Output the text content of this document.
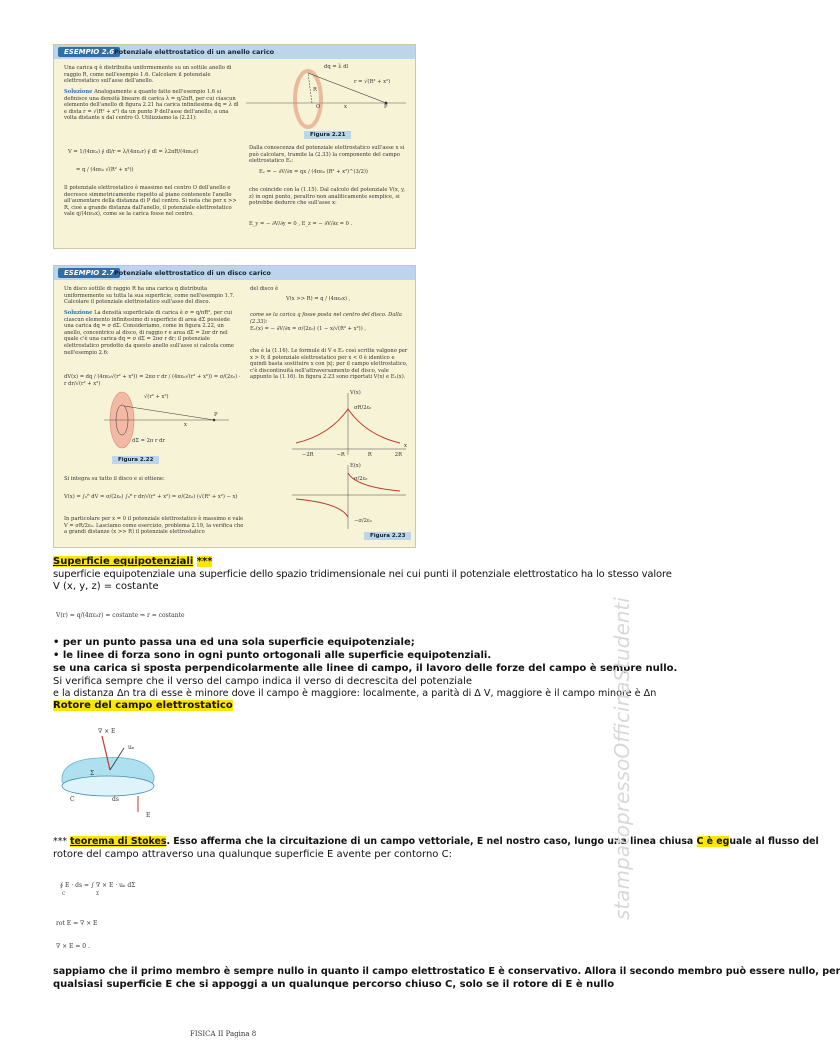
ESEMPIO 2.6 Potenziale elettrostatico di un anello carico
Una carica q è distribuita uniformemente su un sottile anello di raggio R, come nell'esempio 1.6. Calcolare il potenziale elettrostatico sull'asse dell'anello.
Soluzione Analogamente a quanto fatto nell'esempio 1.6 si definisce una densità lineare di carica λ = q/2πR, per cui ciascun elemento dell'anello di figura 2.21 ha carica infinitesima dq = λ dl e dista r = √(R² + x²) da un punto P dell'asse dell'anello, a una volta distante x dal centro O. Utilizziamo la (2.21):
V = 1/(4πε₀) ∮ dl/r = λ/(4πε₀r) ∮ dl = λ2πR/(4πε₀r)
= q / (4πε₀ √(R² + x²))
Il potenziale elettrostatico è massimo nel centro O dell'anello e decresce simmetricamente rispetto al piano contenente l'anello all'aumentare della distanza di P dal centro. Si nota che per x >> R, cioè a grande distanza dall'anello, il potenziale elettrostatico vale q/(4πε₀x), come se la carica fosse nel centro.
dq = λ dl
r = √(R² + x²)
R
O	x	P
Figura 2.21
Dalla conoscenza del potenziale elettrostatico sull'asse x si può calcolare, tramite la (2.33) la componente del campo elettrostatico Eₓ:
Eₓ = − ∂V/∂x = qx / (4πε₀ (R² + x²)^(3/2))
che coincide con la (1.15). Dal calcolo del potenziale V(x, y, z) in ogni punto, peraltro non analiticamente semplice, si potrebbe dedurre che sull'asse x:
E_y = − ∂V/∂y = 0 , E_z = − ∂V/∂z = 0 .
ESEMPIO 2.7 Potenziale elettrostatico di un disco carico
Un disco sottile di raggio R ha una carica q distribuita uniformemente su tutta la sua superficie, come nell'esempio 1.7. Calcolare il potenziale elettrostatico sull'asse del disco.
Soluzione La densità superficiale di carica è σ = q/πR², per cui ciascun elemento infinitesimo di superficie di area dΣ possiede una carica dq = σ dΣ. Consideriamo, come in figura 2.22, un anello, concentrico al disco, di raggio r e area dΣ = 2πr dr nel quale c'è una carica dq = σ dΣ = 2πσ r dr; il potenziale elettrostatico prodotto da questo anello sull'asse si calcola come nell'esempio 2.6:
dV(x) = dq / (4πε₀√(r² + x²)) = 2πσ r dr / (4πε₀√(r² + x²)) = σ/(2ε₀) · r dr/√(r² + x²)
√(r² + x²)
P
x
dΣ = 2π r dr
Figura 2.22
Si integra su tutto il disco e si ottiene:
V(x) = ∫₀ᴿ dV = σ/(2ε₀) ∫₀ᴿ r dr/√(r² + x²) = σ/(2ε₀) (√(R² + x²) − x)
In particolare per x = 0 il potenziale elettrostatico è massimo e vale V = σR/2ε₀. Lasciamo come esercizio, problema 2.19, la verifica che a grandi distanze (x >> R) il potenziale elettrostatico
del disco è
V(x >> R) = q / (4πε₀x) ,
come se la carica q fosse posta nel centro del disco. Dalla (2.33):
Eₓ(x) = − ∂V/∂x = σ/(2ε₀) (1 − x/√(R² + x²)) ,
che è la (1.16). Le formule di V e Eₓ così scritte valgono per x > 0; il potenziale elettrostatico per x < 0 è identico e quindi basta sostituire x con |x|; per il campo elettrostatico, c'è discontinuità nell'attraversamento del disco, vale appunto la (1.16). In figura 2.23 sono riportati V(x) e Eₓ(x).
V(x)
σR/2ε₀
x
−2R	−R	R	2R
E(x)
σ/2ε₀
−σ/2ε₀
Figura 2.23
Superficie equipotenziali ***
superficie equipotenziale una superficie dello spazio tridimensionale nei cui punti il potenziale elettrostatico ha lo stesso valore
V (x, y, z) = costante
V(r) = q/(4πε₀r) = costante ⇒ r = costante
• per un punto passa una ed una sola superficie equipotenziale;
• le linee di forza sono in ogni punto ortogonali alle superficie equipotenziali.
se una carica si sposta perpendicolarmente alle linee di campo, il lavoro delle forze del campo è sempre nullo.
Si verifica sempre che il verso del campo indica il verso di decrescita del potenziale
e la distanza Δn tra di esse è minore dove il campo è maggiore: localmente, a parità di Δ V, maggiore è il campo minore è Δn
Rotore del campo elettrostatico
∇ × E
uₙ
Σ
C	ds
E
*** teorema di Stokes. Esso afferma che la circuitazione di un campo vettoriale, E nel nostro caso, lungo una linea chiusa C è eguale al flusso del
rotore del campo attraverso una qualunque superficie E avente per contorno C:
∮ E · ds = ∫ ∇ × E · uₙ dΣ
C	Σ
rot E = ∇ × E
∇ × E = 0 .
sappiamo che il primo membro è sempre nullo in quanto il campo elettrostatico E è conservativo. Allora il secondo membro può essere nullo, per
qualsiasi superficie E che si appoggi a un qualunque percorso chiuso C, solo se il rotore di E è nullo
stampatopressoOfficinaStudenti
FISICA II Pagina 8
